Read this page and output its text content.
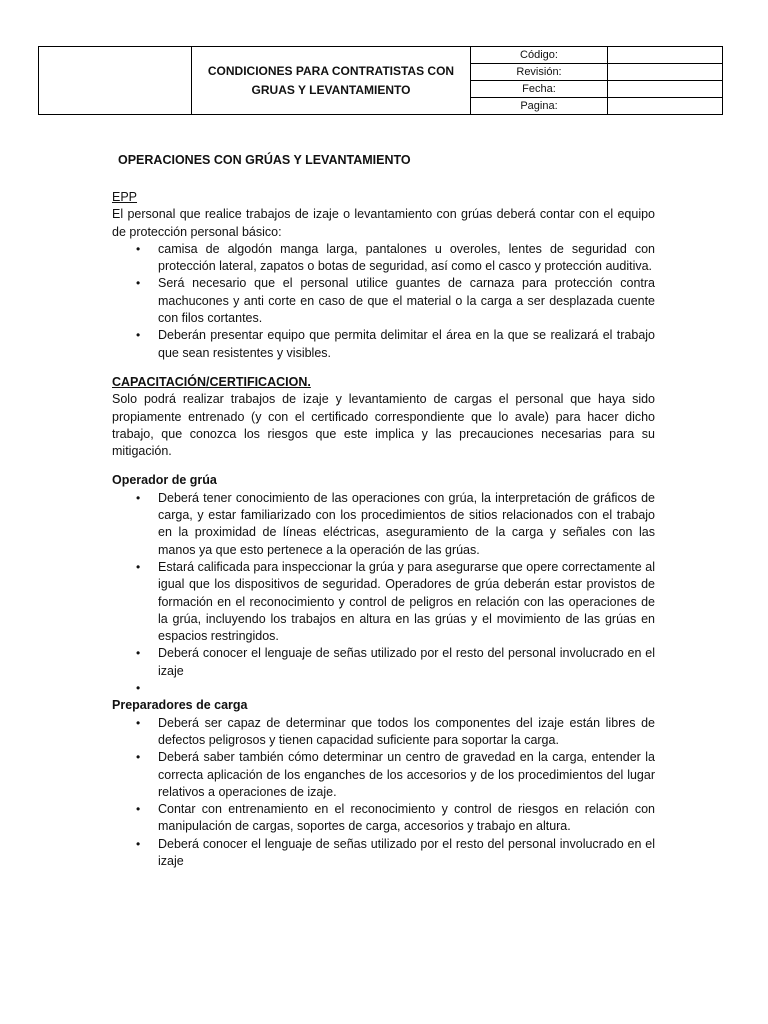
	CONDICIONES PARA CONTRATISTAS CON
GRUAS Y LEVANTAMIENTO	Código:	
		Revisión:	
		Fecha:	
		Pagina:	
OPERACIONES CON GRÚAS Y LEVANTAMIENTO
EPP

El personal que realice trabajos de izaje o levantamiento con grúas deberá contar con el equipo de protección personal básico:

• camisa de algodón manga larga, pantalones u overoles, lentes de seguridad con protección lateral, zapatos o botas de seguridad, así como el casco y protección auditiva.
• Será necesario que el personal utilice guantes de carnaza para protección contra machucones y anti corte en caso de que el material o la carga a ser desplazada cuente con filos cortantes.
• Deberán presentar equipo que permita delimitar el área en la que se realizará el trabajo que sean resistentes y visibles.
CAPACITACIÓN/CERTIFICACION.

Solo podrá realizar trabajos de izaje y levantamiento de cargas el personal que haya sido propiamente entrenado (y con el certificado correspondiente que lo avale) para hacer dicho trabajo, que conozca los riesgos que este implica y las precauciones necesarias para su mitigación.

Operador de grúa
• Deberá tener conocimiento de las operaciones con grúa, la interpretación de gráficos de carga, y estar familiarizado con los procedimientos de sitios relacionados con el trabajo en la proximidad de líneas eléctricas, aseguramiento de la carga y señales con las manos ya que esto pertenece a la operación de las grúas.
• Estará calificada para inspeccionar la grúa y para asegurarse que opere correctamente al igual que los dispositivos de seguridad. Operadores de grúa deberán estar provistos de formación en el reconocimiento y control de peligros en relación con las operaciones de la grúa, incluyendo los trabajos en altura en las grúas y el movimiento de las grúas en espacios restringidos.
• Deberá conocer el lenguaje de señas utilizado por el resto del personal involucrado en el izaje
•
Preparadores de carga
• Deberá ser capaz de determinar que todos los componentes del izaje están libres de defectos peligrosos y tienen capacidad suficiente para soportar la carga.
• Deberá saber también cómo determinar un centro de gravedad en la carga, entender la correcta aplicación de los enganches de los accesorios y de los procedimientos del lugar relativos a operaciones de izaje.
• Contar con entrenamiento en el reconocimiento y control de riesgos en relación con manipulación de cargas, soportes de carga, accesorios y trabajo en altura.
• Deberá conocer el lenguaje de señas utilizado por el resto del personal involucrado en el izaje
